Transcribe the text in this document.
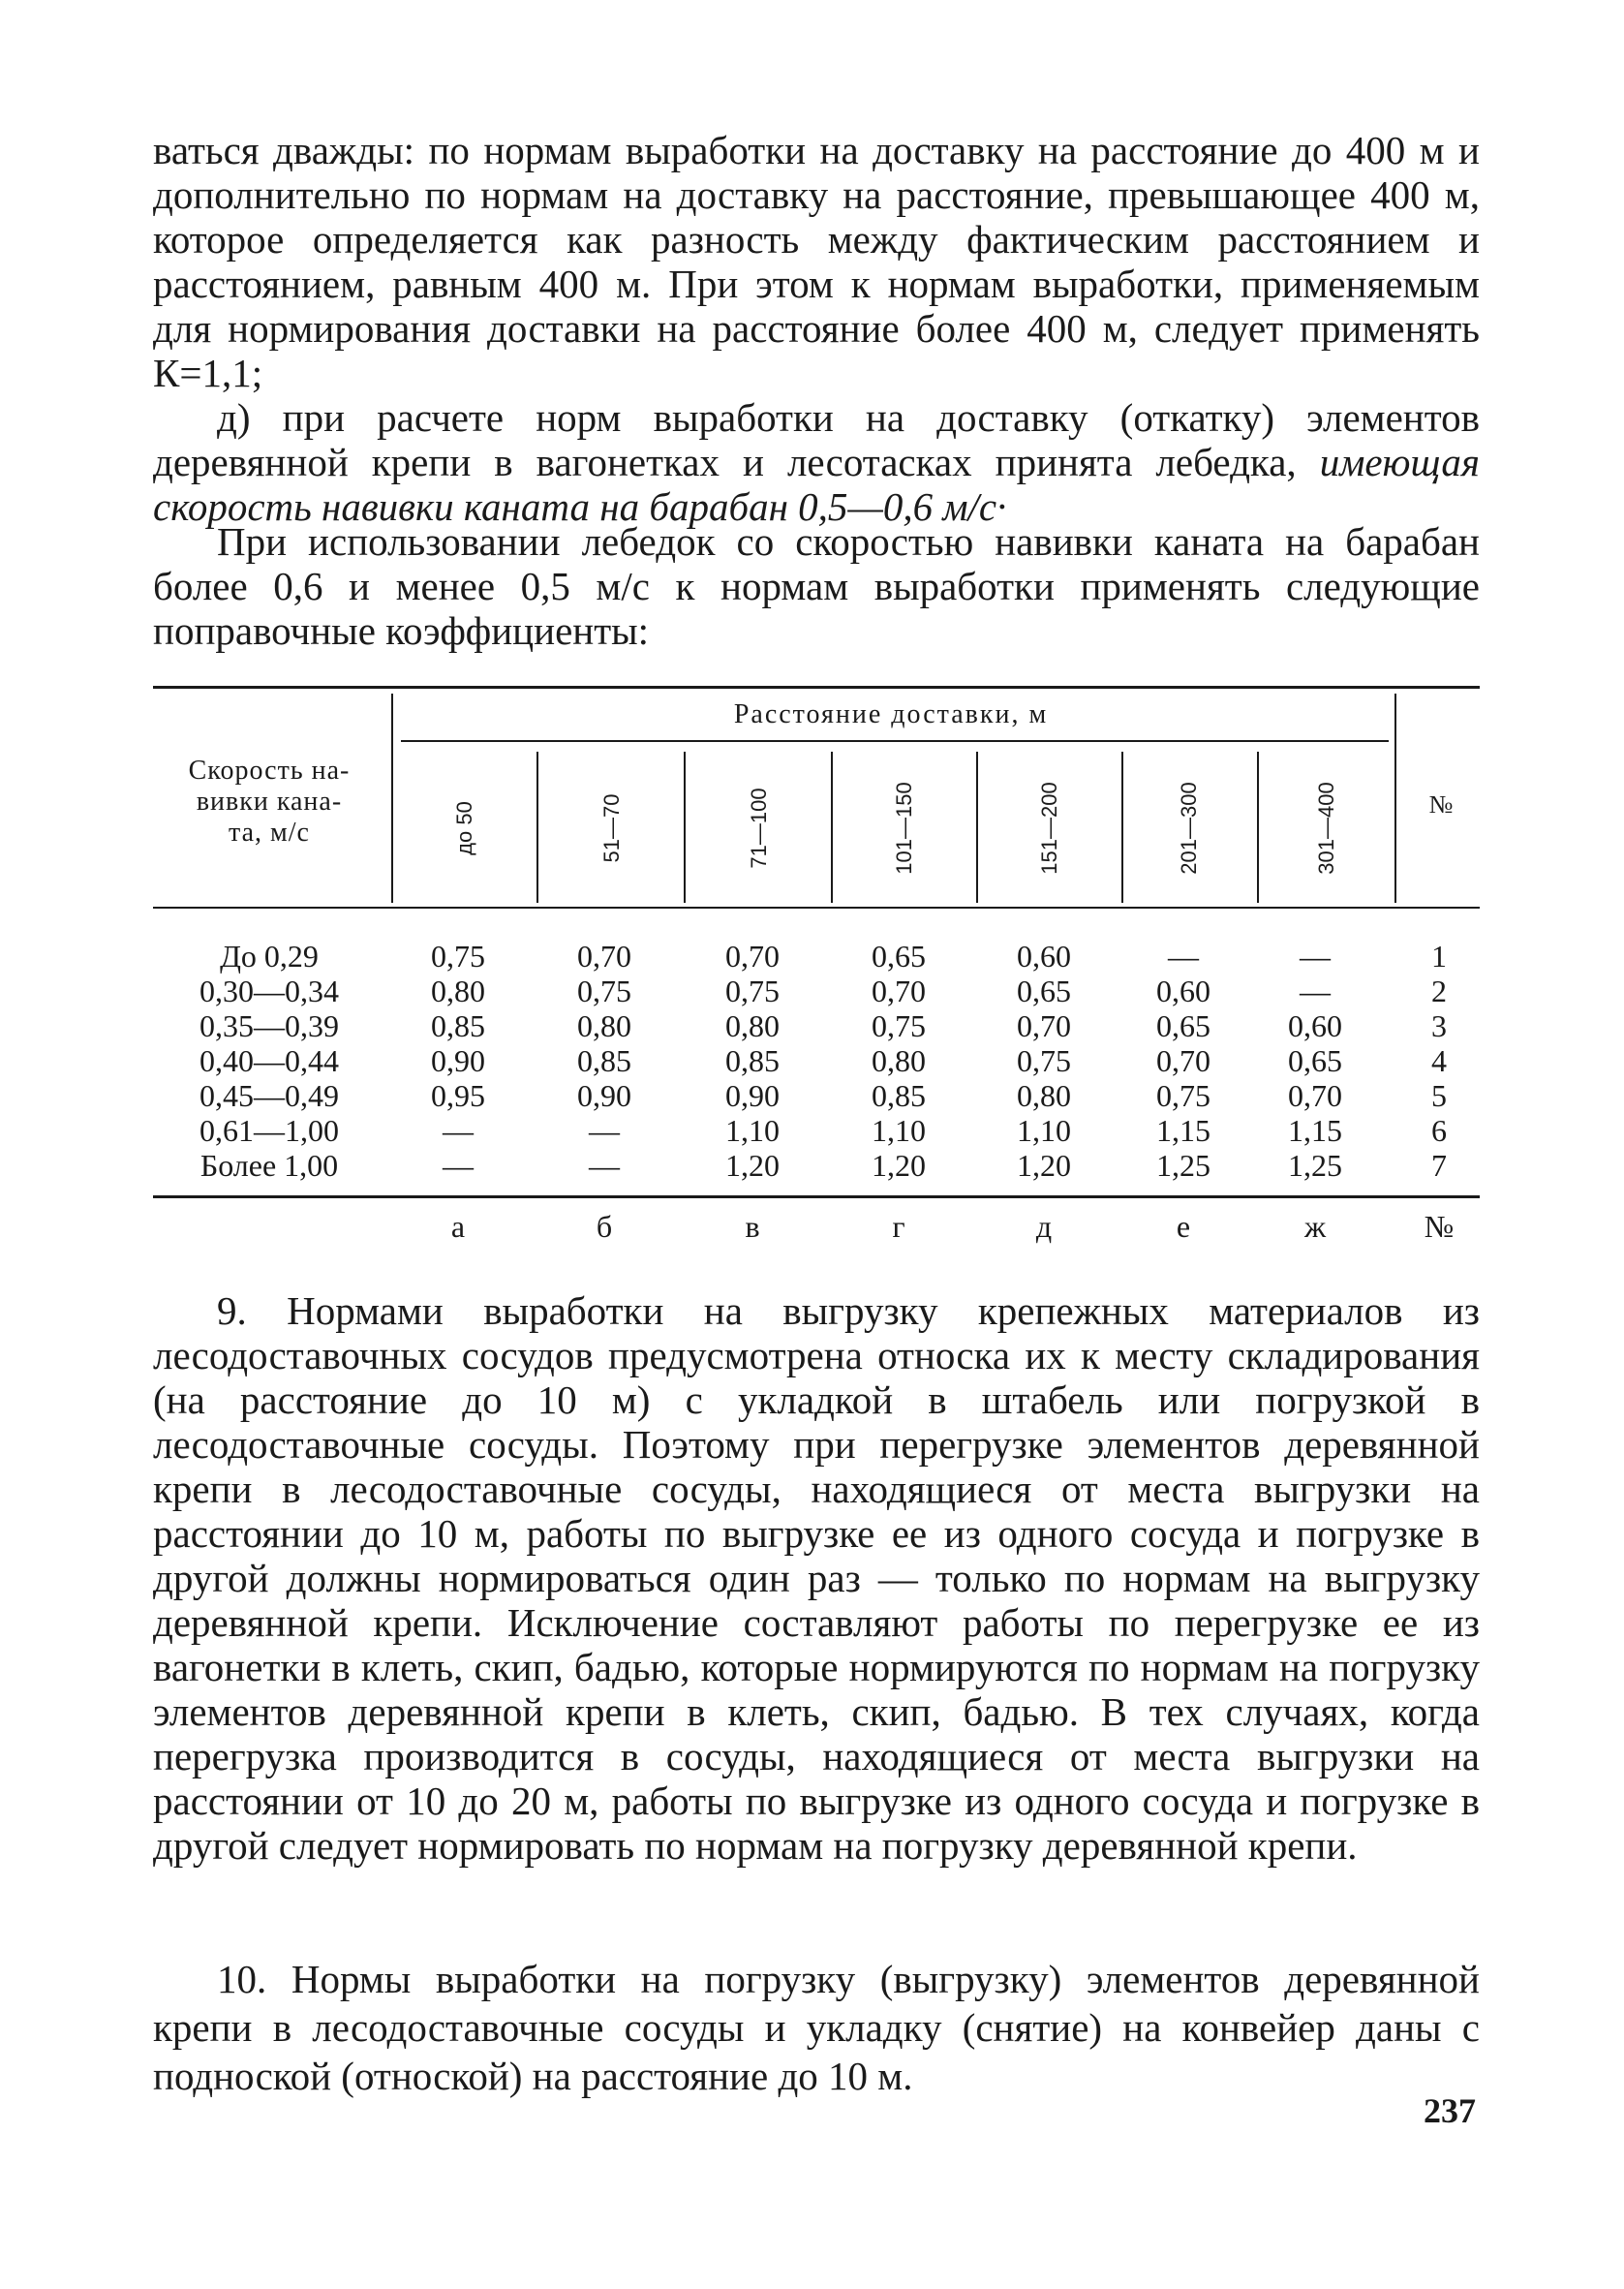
ваться дважды: по нормам выработки на доставку на расстояние до 400 м и дополнительно по нормам на доставку на расстояние, превышающее 400 м, которое определяется как разность между фактическим расстоянием и расстоянием, равным 400 м. При этом к нормам выработки, применяемым для нормирования доставки на расстояние более 400 м, следует применять К=1,1;

д) при расчете норм выработки на доставку (откатку) элементов деревянной крепи в вагонетках и лесотасках принята лебедка, имеющая скорость навивки каната на барабан 0,5—0,6 м/с·

При использовании лебедок со скоростью навивки каната на барабан более 0,6 и менее 0,5 м/с к нормам выработки применять следующие поправочные коэффициенты:

Скорость на-
вивки кана-
та, м/с
Расстояние доставки, м
№
до 50	51—70	71—100	101—150	151—200	201—300	301—400
До 0,29	0,75	0,70	0,70	0,65	0,60	—	—	1
0,30—0,34	0,80	0,75	0,75	0,70	0,65	0,60	—	2
0,35—0,39	0,85	0,80	0,80	0,75	0,70	0,65	0,60	3
0,40—0,44	0,90	0,85	0,85	0,80	0,75	0,70	0,65	4
0,45—0,49	0,95	0,90	0,90	0,85	0,80	0,75	0,70	5
0,61—1,00	—	—	1,10	1,10	1,10	1,15	1,15	6
Более 1,00	—	—	1,20	1,20	1,20	1,25	1,25	7
а	б	в	г	д	е	ж	№

9. Нормами выработки на выгрузку крепежных материалов из лесодоставочных сосудов предусмотрена относка их к месту складирования (на расстояние до 10 м) с укладкой в штабель или погрузкой в лесодоставочные сосуды. Поэтому при перегрузке элементов деревянной крепи в лесодоставочные сосуды, находящиеся от места выгрузки на расстоянии до 10 м, работы по выгрузке ее из одного сосуда и погрузке в другой должны нормироваться один раз — только по нормам на выгрузку деревянной крепи. Исключение составляют работы по перегрузке ее из вагонетки в клеть, скип, бадью, которые нормируются по нормам на погрузку элементов деревянной крепи в клеть, скип, бадью. В тех случаях, когда перегрузка производится в сосуды, находящиеся от места выгрузки на расстоянии от 10 до 20 м, работы по выгрузке из одного сосуда и погрузке в другой следует нормировать по нормам на погрузку деревянной крепи.

10. Нормы выработки на погрузку (выгрузку) элементов деревянной крепи в лесодоставочные сосуды и укладку (снятие) на конвейер даны с подноской (отноской) на расстояние до 10 м.

237
